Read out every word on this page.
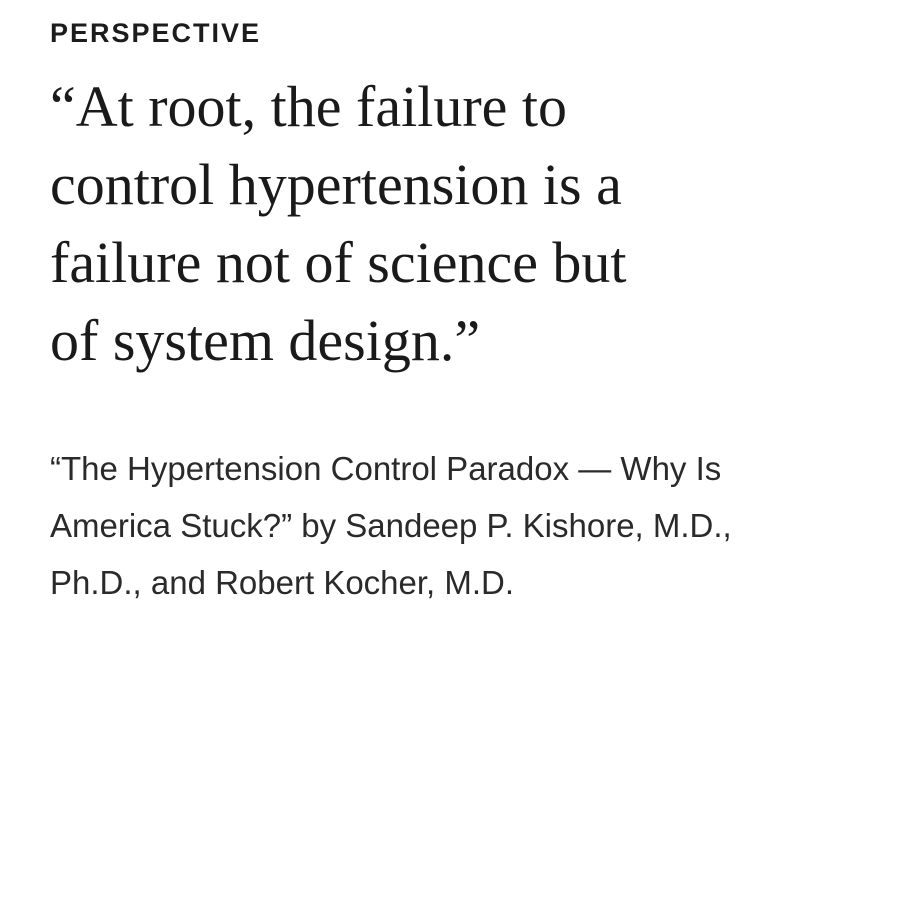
PERSPECTIVE
“At root, the failure to
control hypertension is a
failure not of science but
of system design.”

“The Hypertension Control Paradox — Why Is
America Stuck?” by Sandeep P. Kishore, M.D.,
Ph.D., and Robert Kocher, M.D.
